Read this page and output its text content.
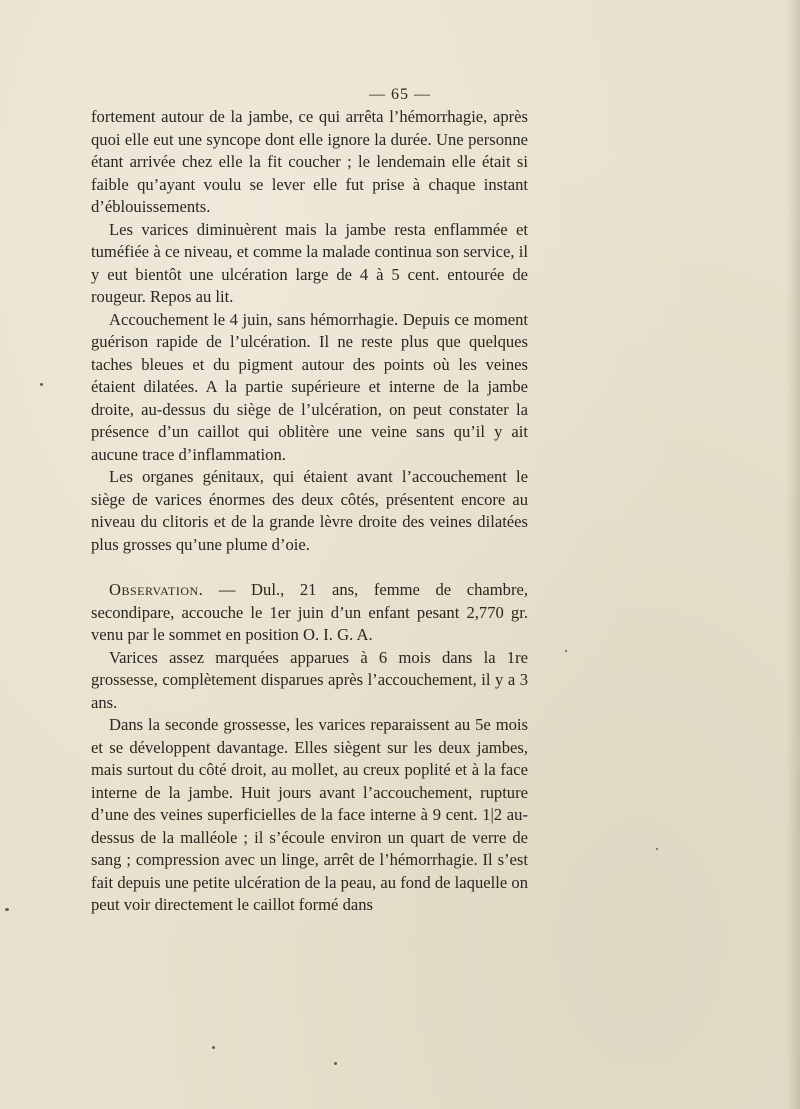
— 65 —

fortement autour de la jambe, ce qui arrêta l’hémorrhagie, après quoi elle eut une syncope dont elle ignore la durée. Une personne étant arrivée chez elle la fit coucher ; le lendemain elle était si faible qu’ayant voulu se lever elle fut prise à chaque instant d’éblouissements.

Les varices diminuèrent mais la jambe resta enflammée et tuméfiée à ce niveau, et comme la malade continua son service, il y eut bientôt une ulcération large de 4 à 5 cent. entourée de rougeur. Repos au lit.

Accouchement le 4 juin, sans hémorrhagie. Depuis ce moment guérison rapide de l’ulcération. Il ne reste plus que quelques taches bleues et du pigment autour des points où les veines étaient dilatées. A la partie supérieure et interne de la jambe droite, au-dessus du siège de l’ulcération, on peut constater la présence d’un caillot qui oblitère une veine sans qu’il y ait aucune trace d’inflammation.

Les organes génitaux, qui étaient avant l’accouchement le siège de varices énormes des deux côtés, présentent encore au niveau du clitoris et de la grande lèvre droite des veines dilatées plus grosses qu’une plume d’oie.

Observation. — Dul., 21 ans, femme de chambre, secondipare, accouche le 1er juin d’un enfant pesant 2,770 gr. venu par le sommet en position O. I. G. A.

Varices assez marquées apparues à 6 mois dans la 1re grossesse, complètement disparues après l’accouchement, il y a 3 ans.

Dans la seconde grossesse, les varices reparaissent au 5e mois et se développent davantage. Elles siègent sur les deux jambes, mais surtout du côté droit, au mollet, au creux poplité et à la face interne de la jambe. Huit jours avant l’accouchement, rupture d’une des veines superficielles de la face interne à 9 cent. 1|2 au-dessus de la malléole ; il s’écoule environ un quart de verre de sang ; compression avec un linge, arrêt de l’hémorrhagie. Il s’est fait depuis une petite ulcération de la peau, au fond de laquelle on peut voir directement le caillot formé dans
